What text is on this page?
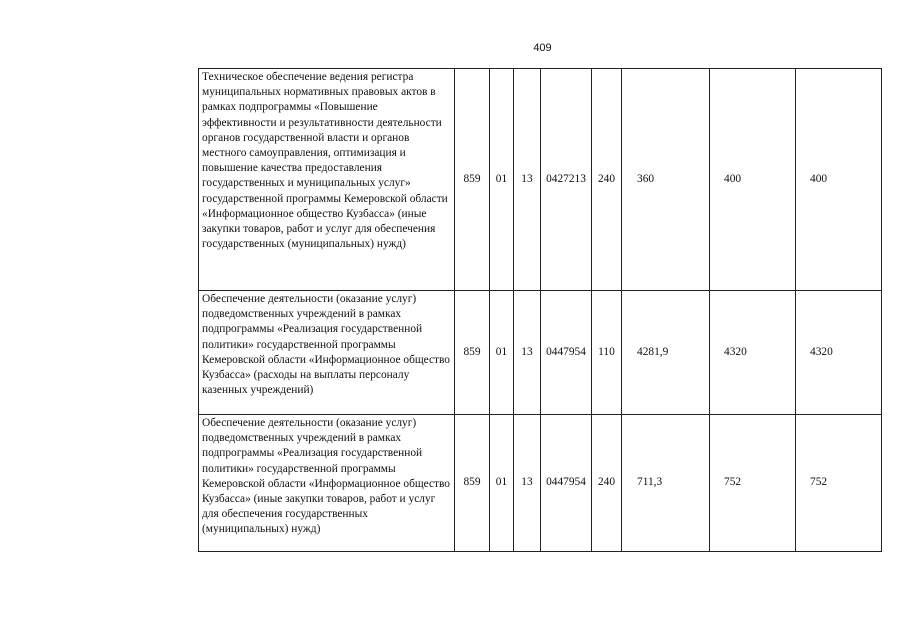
409
Техническое обеспечение ведения регистра муниципальных нормативных правовых актов в рамках подпрограммы «Повышение эффективности и результативности деятельности органов государственной власти и органов местного самоуправления, оптимизация и повышение качества предоставления государственных и муниципальных услуг» государственной программы Кемеровской области «Информационное общество Кузбасса» (иные закупки товаров, работ и услуг для обеспечения государственных (муниципальных) нужд)	859	01	13	0427213	240	360	400	400
Обеспечение деятельности (оказание услуг) подведомственных учреждений в рамках подпрограммы «Реализация государственной политики» государственной программы Кемеровской области «Информационное общество Кузбасса» (расходы на выплаты персоналу казенных учреждений)	859	01	13	0447954	110	4281,9	4320	4320
Обеспечение деятельности (оказание услуг) подведомственных учреждений в рамках подпрограммы «Реализация государственной политики» государственной программы Кемеровской области «Информационное общество Кузбасса» (иные закупки товаров, работ и услуг для обеспечения государственных (муниципальных) нужд)	859	01	13	0447954	240	711,3	752	752
